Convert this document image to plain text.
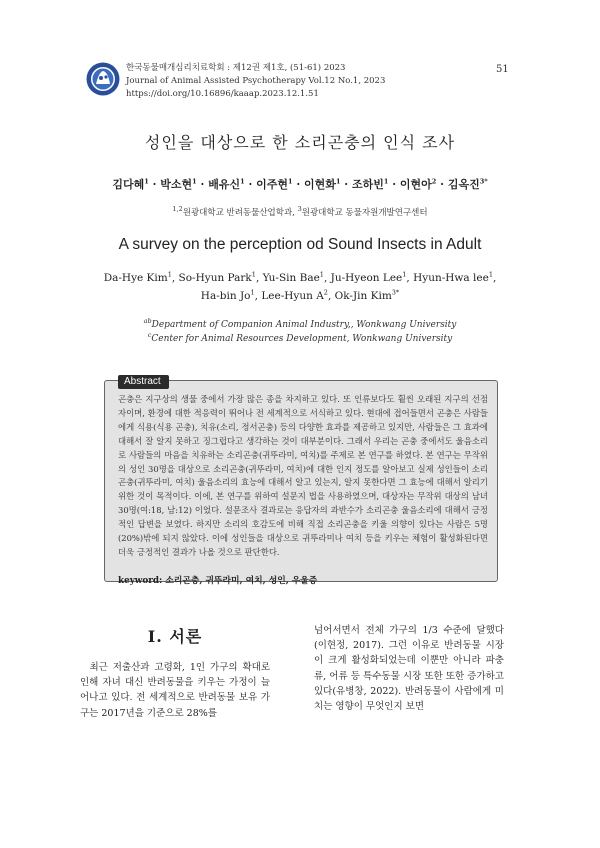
한국동물매개심리치료학회 : 제12권 제1호, (51-61) 2023
Journal of Animal Assisted Psychotherapy Vol.12 No.1, 2023
https://doi.org/10.16896/kaaap.2023.12.1.51
51
성인을 대상으로 한 소리곤충의 인식 조사
김다혜$^1$ · 박소현$^1$ · 배유신$^1$ · 이주현$^1$ · 이현화$^1$ · 조하빈$^1$ · 이현아$^2$ · 김옥진$^{3*}$
$^{1,2}$원광대학교 반려동물산업학과, $^3$원광대학교 동물자원개발연구센터
A survey on the perception od Sound Insects in Adult
Da-Hye Kim$^1$, So-Hyun Park$^1$, Yu-Sin Bae$^1$, Ju-Hyeon Lee$^1$, Hyun-Hwa lee$^1$,
Ha-bin Jo$^1$, Lee-Hyun $A^2$, Ok-Jin Kim$^{3*}$
$^{ab}$Department of Companion Animal Industry,, Wonkwang University
$^c$Center for Animal Resources Development, Wonkwang University
Abstract
곤충은 지구상의 생물 중에서 가장 많은 종을 차지하고 있다. 또 인류보다도 훨씬 오래된 지구의 선점자이며, 환경에 대한 적응력이 뛰어나 전 세계적으로 서식하고 있다. 현대에 접어들면서 곤충은 사람들에게 식용(식용 곤충), 치유(소리, 정서곤충) 등의 다양한 효과를 제공하고 있지만, 사람들은 그 효과에 대해서 잘 알지 못하고 징그럽다고 생각하는 것이 대부분이다. 그래서 우리는 곤충 중에서도 울음소리로 사람들의 마음을 치유하는 소리곤충(귀뚜라미, 여치)를 주제로 본 연구를 하였다. 본 연구는 무작위의 성인 30명을 대상으로 소리곤충(귀뚜라미, 여치)에 대한 인지 정도를 알아보고 실제 성인들이 소리곤충(귀뚜라미, 여치) 울음소리의 효능에 대해서 알고 있는지, 알지 못한다면 그 효능에 대해서 알리기 위한 것이 목적이다. 이에, 본 연구를 위하여 설문지 법을 사용하였으며, 대상자는 무작위 대상의 남녀 30명(여:18, 남:12) 이었다. 설문조사 결과로는 응답자의 과반수가 소리곤충 울음소리에 대해서 긍정적인 답변을 보였다. 하지만 소리의 호감도에 비해 직접 소리곤충을 키울 의향이 있다는 사람은 5명(20%)밖에 되지 않았다. 이에 성인들을 대상으로 귀뚜라미나 여치 등을 키우는 체험이 활성화된다면 더욱 긍정적인 결과가 나올 것으로 판단한다.
keyword: 소리곤충, 귀뚜라미, 여치, 성인, 우울증
Ⅰ. 서론
최근 저출산과 고령화, 1인 가구의 확대로 인해 자녀 대신 반려동물을 키우는 가정이 늘어나고 있다. 전 세계적으로 반려동물 보유 가구는 2017년을 기준으로 28%를
넘어서면서 전체 가구의 1/3 수준에 달했다(이현정, 2017). 그런 이유로 반려동물 시장이 크게 활성화되었는데 이뿐만 아니라 파충류, 어류 등 특수동물 시장 또한 또한 증가하고 있다(유병창, 2022). 반려동물이 사람에게 미치는 영향이 무엇인지 보면
